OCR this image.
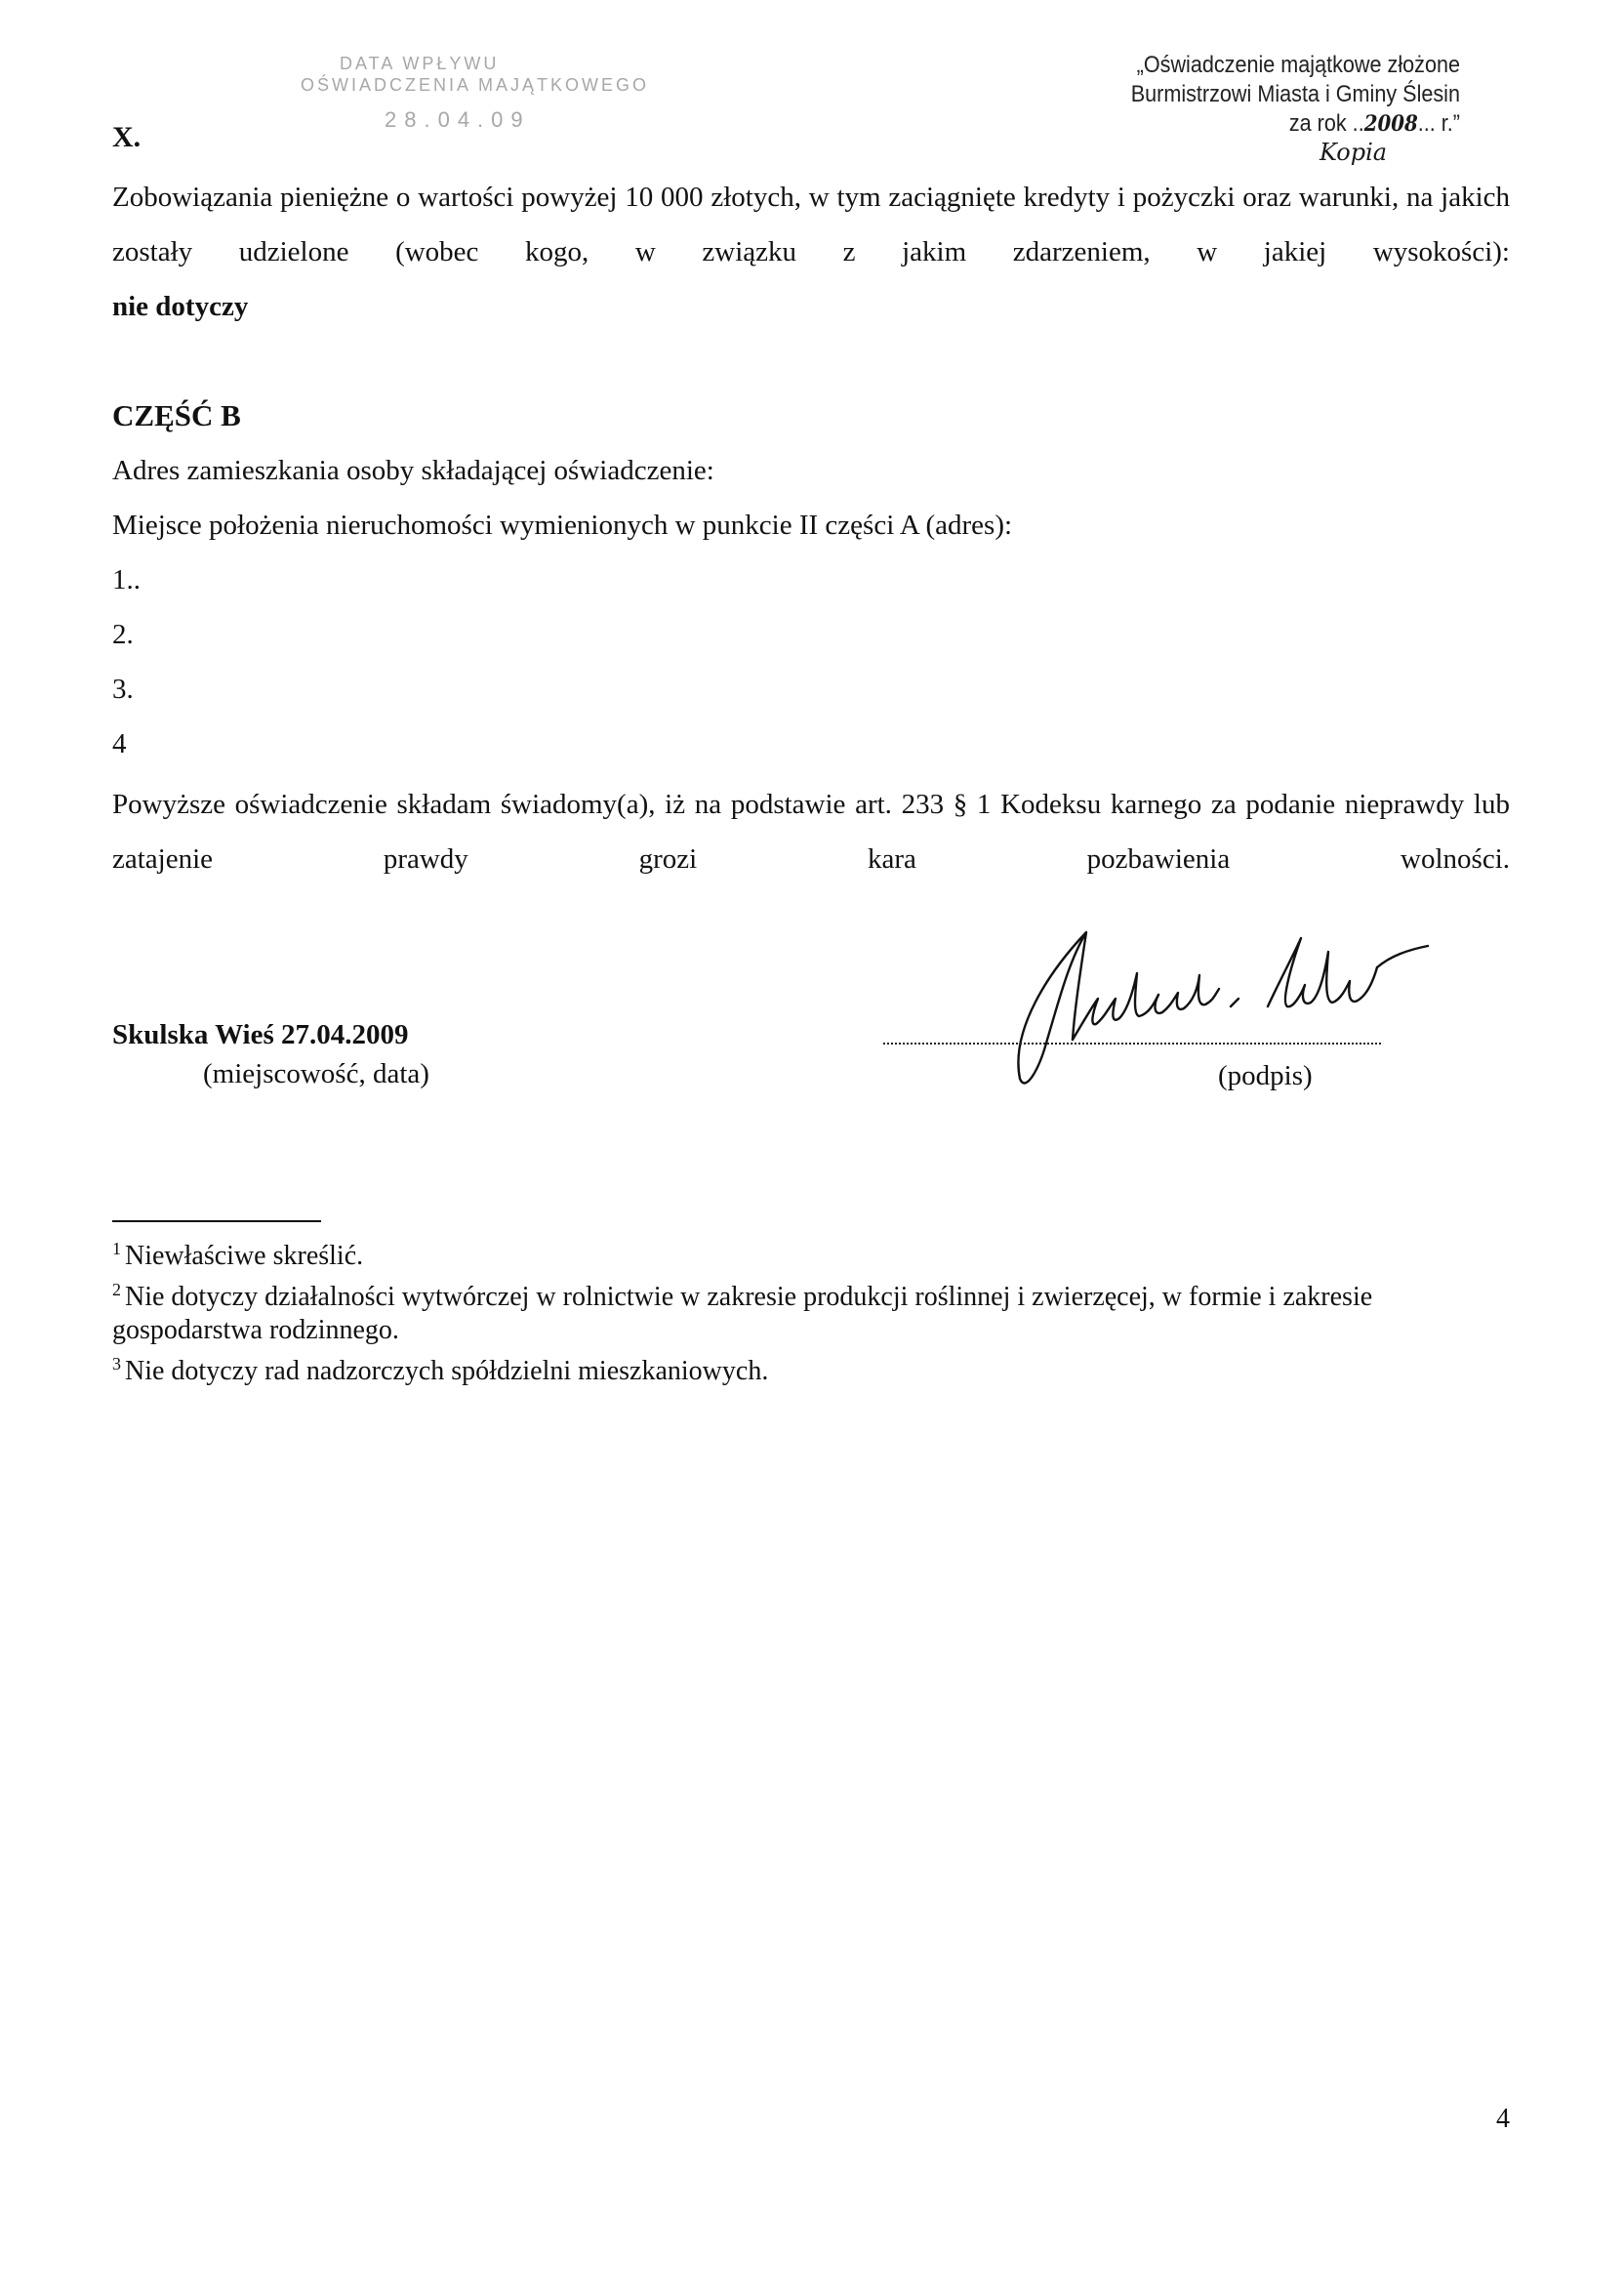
DATA WPŁYWU
OŚWIADCZENIA MAJĄTKOWEGO
28.04.09
„Oświadczenie majątkowe złożone
Burmistrzowi Miasta i Gminy Ślesin
za rok ..2008... r.”
Kopia
X.
Zobowiązania pieniężne o wartości powyżej 10 000 złotych, w tym zaciągnięte kredyty i pożyczki oraz warunki, na jakich zostały udzielone (wobec kogo, w związku z jakim zdarzeniem, w jakiej wysokości):
nie dotyczy
CZĘŚĆ B
Adres zamieszkania osoby składającej oświadczenie:
Miejsce położenia nieruchomości wymienionych w punkcie II części A (adres):
1..
2.
3.
4
Powyższe oświadczenie składam świadomy(a), iż na podstawie art. 233 § 1 Kodeksu karnego za podanie nieprawdy lub zatajenie prawdy grozi kara pozbawienia wolności.
Skulska Wieś 27.04.2009
(miejscowość, data)	(podpis)
$^1$ Niewłaściwe skreślić.
$^2$ Nie dotyczy działalności wytwórczej w rolnictwie w zakresie produkcji roślinnej i zwierzęcej, w formie i zakresie gospodarstwa rodzinnego.
$^3$ Nie dotyczy rad nadzorczych spółdzielni mieszkaniowych.
4
